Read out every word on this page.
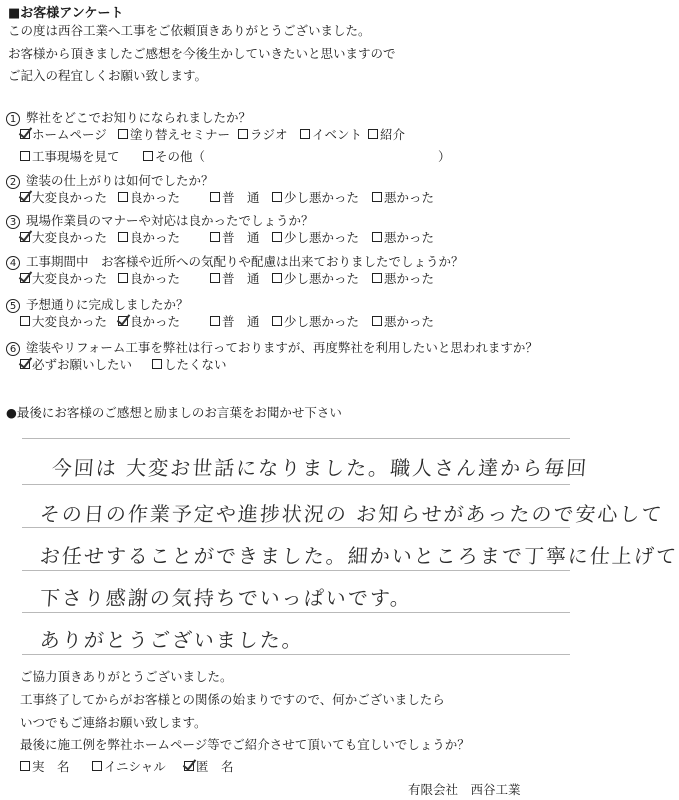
■お客様アンケート
この度は西谷工業へ工事をご依頼頂きありがとうございました。
お客様から頂きましたご感想を今後生かしていきたいと思いますので
ご記入の程宜しくお願い致します。
1 弊社をどこでお知りになられましたか？
ホームページ 塗り替えセミナー ラジオ イベント 紹介
工事現場を見て	その他（	）
2 塗装の仕上がりは如何でしたか？
大変良かった 良かった	普　通 少し悪かった 悪かった
3 現場作業員のマナーや対応は良かったでしょうか？
大変良かった 良かった	普　通 少し悪かった 悪かった
4 工事期間中　お客様や近所への気配りや配慮は出来ておりましたでしょうか？
大変良かった 良かった	普　通 少し悪かった 悪かった
5 予想通りに完成しましたか？
大変良かった 良かった	普　通 少し悪かった 悪かった
6 塗装やリフォーム工事を弊社は行っておりますが、再度弊社を利用したいと思われますか？
必ずお願いしたい	したくない
●最後にお客様のご感想と励ましのお言葉をお聞かせ下さい
今回は 大変お世話になりました。職人さん達から毎回
その日の作業予定や進捗状況の お知らせがあったので安心して
お任せすることができました。細かいところまで丁寧に仕上げて
下さり感謝の気持ちでいっぱいです。
ありがとうございました。
ご協力頂きありがとうございました。
工事終了してからがお客様との関係の始まりですので、何かございましたら
いつでもご連絡お願い致します。
最後に施工例を弊社ホームページ等でご紹介させて頂いても宜しいでしょうか？
実　名	イニシャル 匿　名
有限会社　西谷工業
